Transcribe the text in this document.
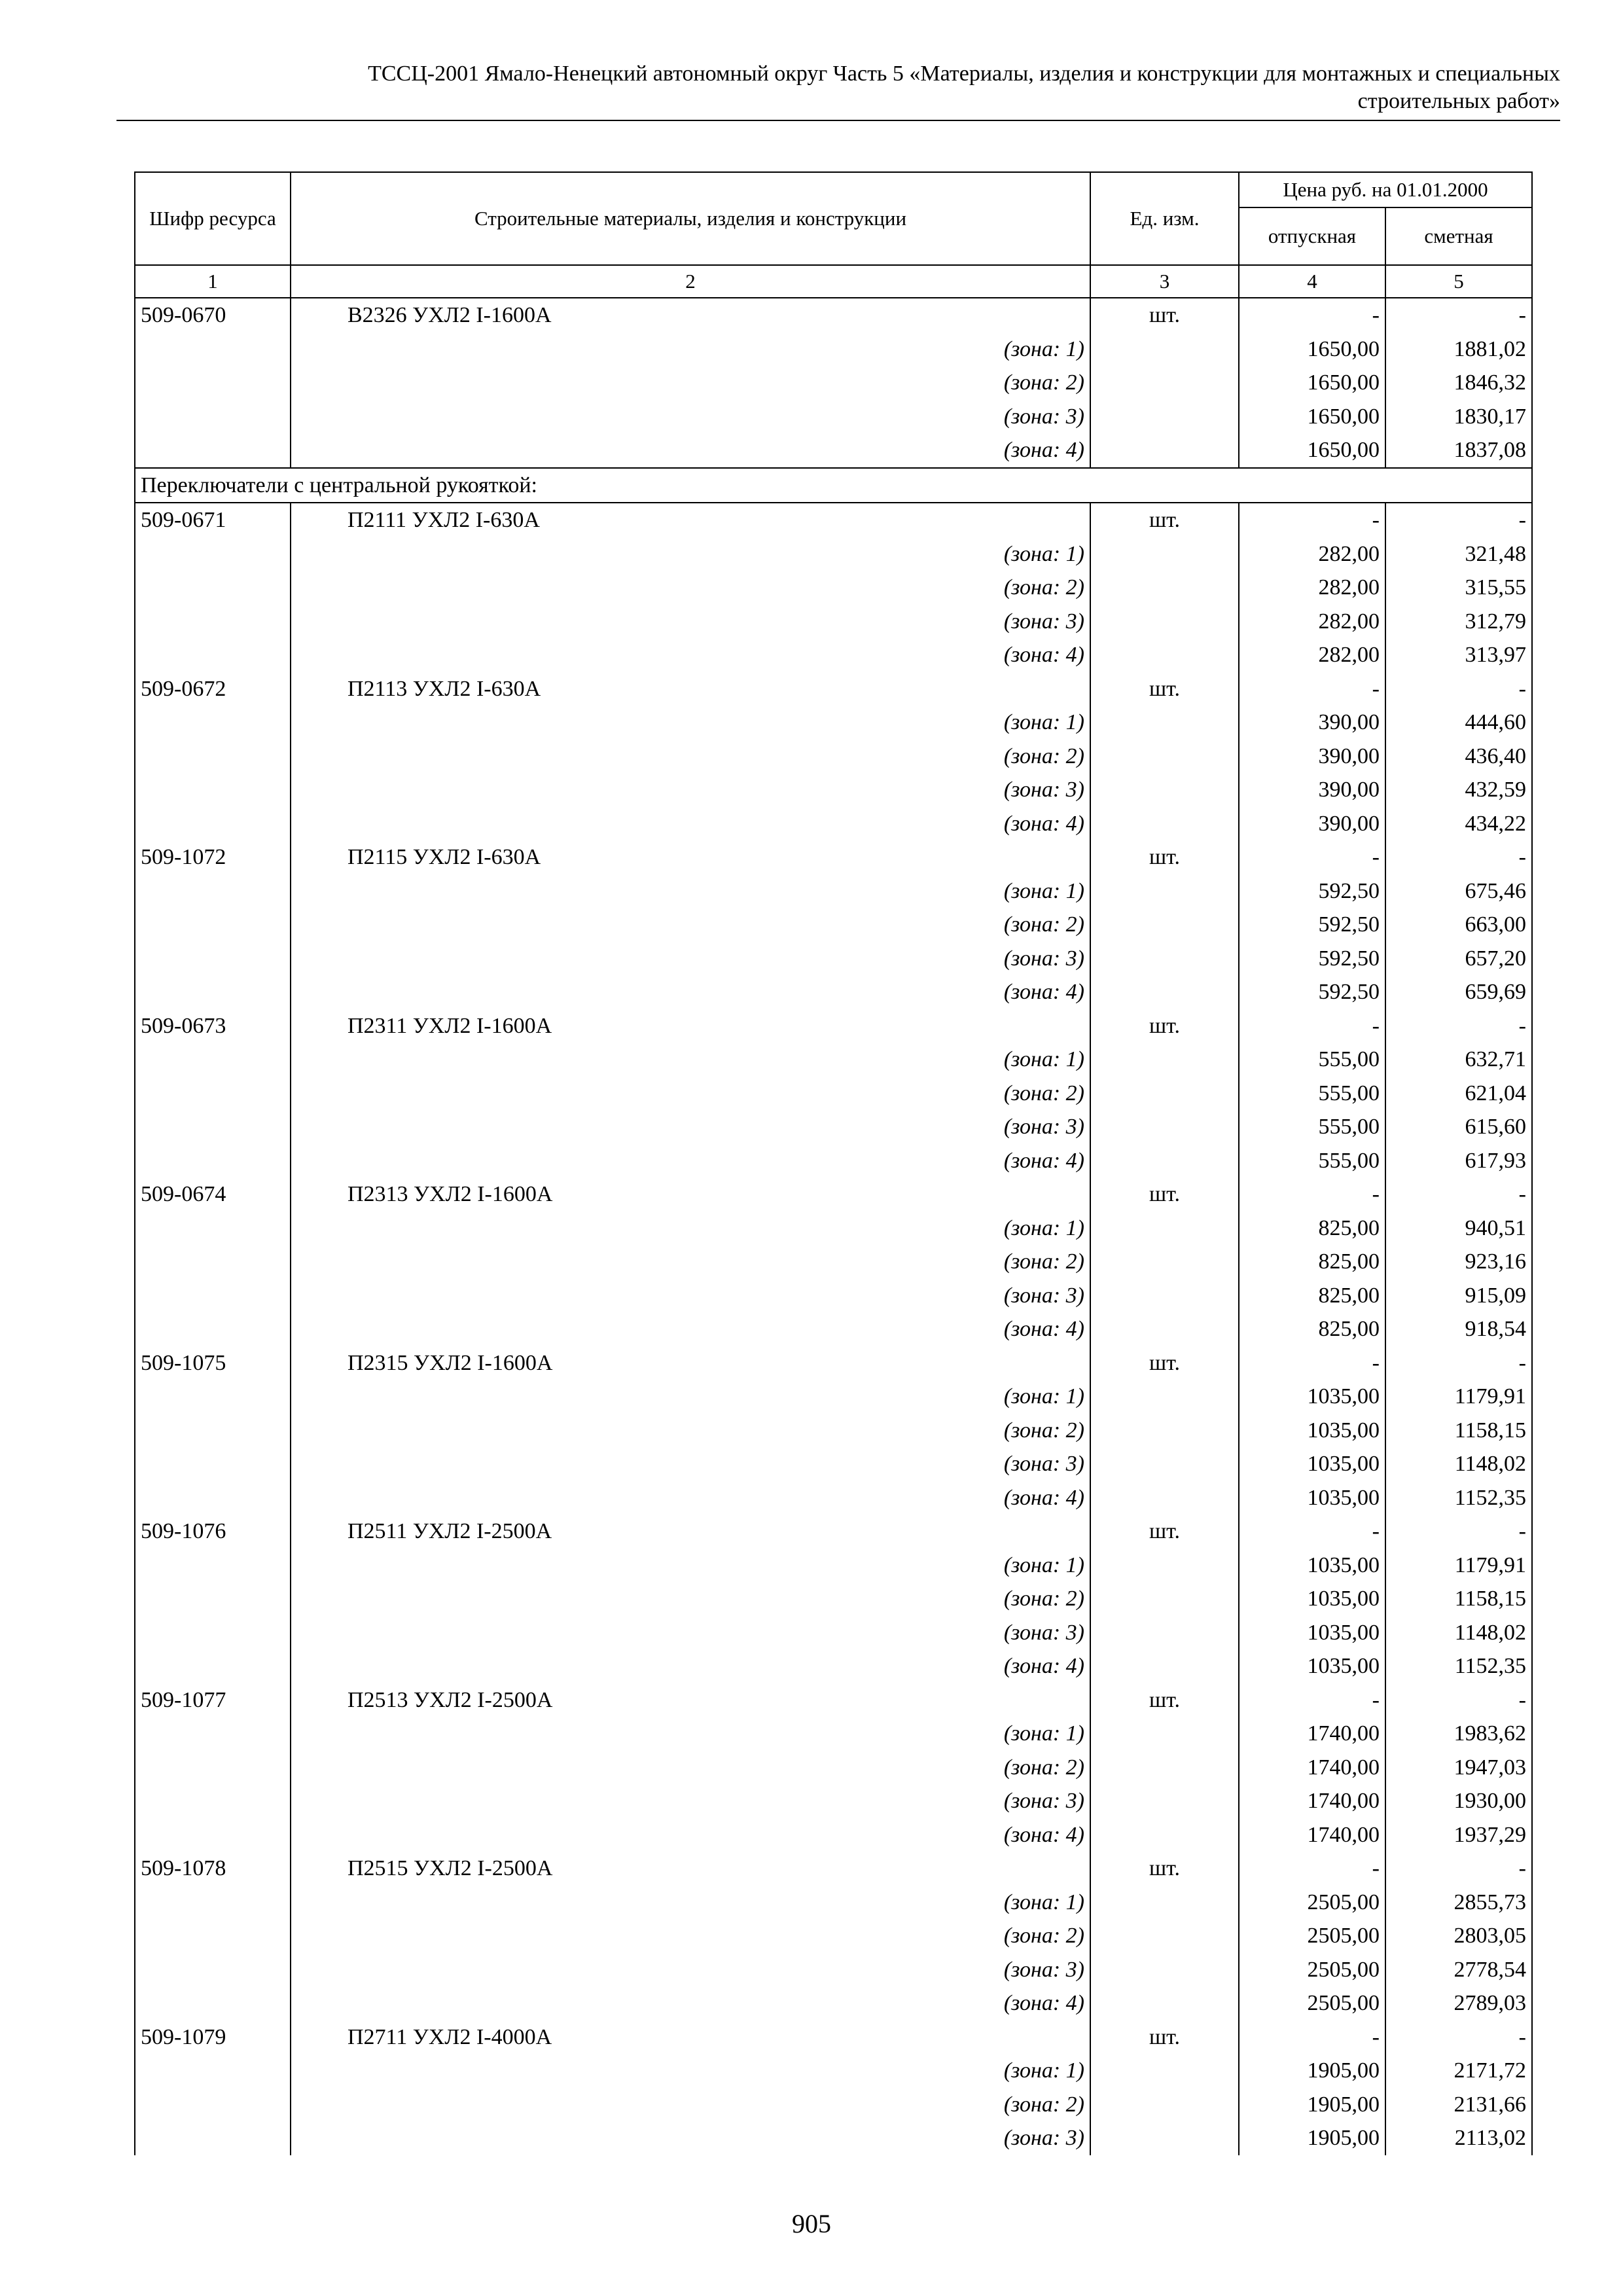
ТССЦ-2001 Ямало-Ненецкий автономный округ Часть 5 «Материалы, изделия и конструкции для монтажных и специальных
строительных работ»
Шифр ресурса	Строительные материалы, изделия и конструкции	Ед. изм.	Цена руб. на 01.01.2000	
			отпускная	сметная
1	2	3	4	5
509-0670	В2326 УХЛ2 I-1600А	шт.	-	-
	(зона: 1)		1650,00	1881,02
	(зона: 2)		1650,00	1846,32
	(зона: 3)		1650,00	1830,17
	(зона: 4)		1650,00	1837,08
Переключатели с центральной рукояткой:				
509-0671	П2111 УХЛ2 I-630А	шт.	-	-
	(зона: 1)		282,00	321,48
	(зона: 2)		282,00	315,55
	(зона: 3)		282,00	312,79
	(зона: 4)		282,00	313,97
509-0672	П2113 УХЛ2 I-630А	шт.	-	-
	(зона: 1)		390,00	444,60
	(зона: 2)		390,00	436,40
	(зона: 3)		390,00	432,59
	(зона: 4)		390,00	434,22
509-1072	П2115 УХЛ2 I-630А	шт.	-	-
	(зона: 1)		592,50	675,46
	(зона: 2)		592,50	663,00
	(зона: 3)		592,50	657,20
	(зона: 4)		592,50	659,69
509-0673	П2311 УХЛ2 I-1600А	шт.	-	-
	(зона: 1)		555,00	632,71
	(зона: 2)		555,00	621,04
	(зона: 3)		555,00	615,60
	(зона: 4)		555,00	617,93
509-0674	П2313 УХЛ2 I-1600А	шт.	-	-
	(зона: 1)		825,00	940,51
	(зона: 2)		825,00	923,16
	(зона: 3)		825,00	915,09
	(зона: 4)		825,00	918,54
509-1075	П2315 УХЛ2 I-1600А	шт.	-	-
	(зона: 1)		1035,00	1179,91
	(зона: 2)		1035,00	1158,15
	(зона: 3)		1035,00	1148,02
	(зона: 4)		1035,00	1152,35
509-1076	П2511 УХЛ2 I-2500А	шт.	-	-
	(зона: 1)		1035,00	1179,91
	(зона: 2)		1035,00	1158,15
	(зона: 3)		1035,00	1148,02
	(зона: 4)		1035,00	1152,35
509-1077	П2513 УХЛ2 I-2500А	шт.	-	-
	(зона: 1)		1740,00	1983,62
	(зона: 2)		1740,00	1947,03
	(зона: 3)		1740,00	1930,00
	(зона: 4)		1740,00	1937,29
509-1078	П2515 УХЛ2 I-2500А	шт.	-	-
	(зона: 1)		2505,00	2855,73
	(зона: 2)		2505,00	2803,05
	(зона: 3)		2505,00	2778,54
	(зона: 4)		2505,00	2789,03
509-1079	П2711 УХЛ2 I-4000А	шт.	-	-
	(зона: 1)		1905,00	2171,72
	(зона: 2)		1905,00	2131,66
	(зона: 3)		1905,00	2113,02
905
